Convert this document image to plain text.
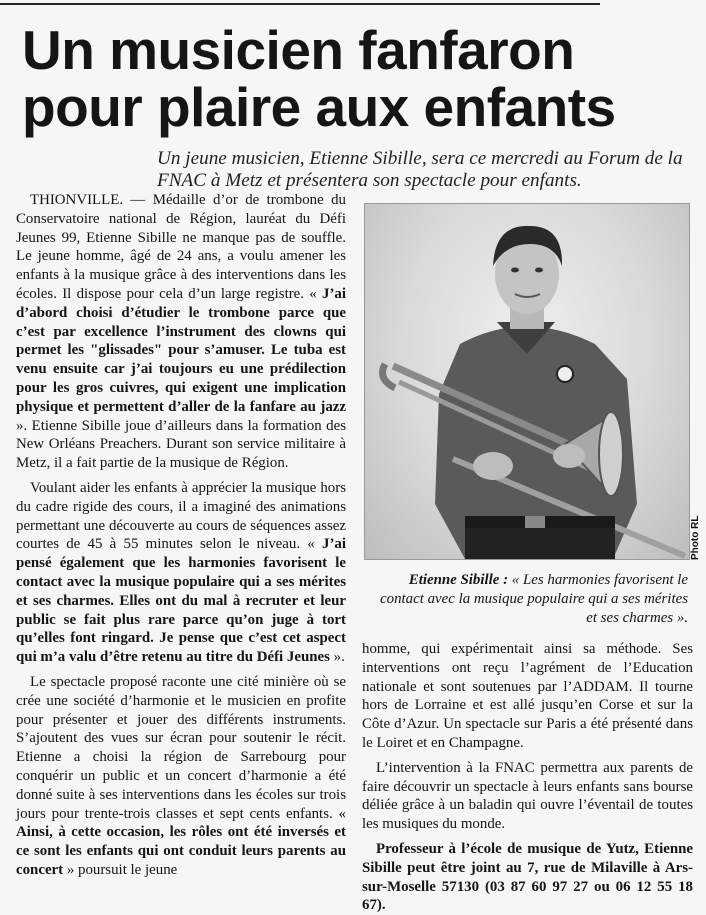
Un musicien fanfaron
pour plaire aux enfants
Un jeune musicien, Etienne Sibille, sera ce mercredi au Forum de la FNAC à Metz et présentera son spectacle pour enfants.

THIONVILLE. — Médaille d’or de trombone du Conservatoire national de Région, lauréat du Défi Jeunes 99, Etienne Sibille ne manque pas de souffle. Le jeune homme, âgé de 24 ans, a voulu amener les enfants à la musique grâce à des interventions dans les écoles. Il dispose pour cela d’un large registre. « J’ai d’abord choisi d’étudier le trombone parce que c’est par excellence l’instrument des clowns qui permet les "glissades" pour s’amuser. Le tuba est venu ensuite car j’ai toujours eu une prédilection pour les gros cuivres, qui exigent une implication physique et permettent d’aller de la fanfare au jazz ». Etienne Sibille joue d’ailleurs dans la formation des New Orléans Preachers. Durant son service militaire à Metz, il a fait partie de la musique de Région.

Voulant aider les enfants à apprécier la musique hors du cadre rigide des cours, il a imaginé des animations permettant une découverte au cours de séquences assez courtes de 45 à 55 minutes selon le niveau. « J’ai pensé également que les harmonies favorisent le contact avec la musique populaire qui a ses mérites et ses charmes. Elles ont du mal à recruter et leur public se fait plus rare parce qu’on juge à tort qu’elles font ringard. Je pense que c’est cet aspect qui m’a valu d’être retenu au titre du Défi Jeunes ».

Le spectacle proposé raconte une cité minière où se crée une société d’harmonie et le musicien en profite pour présenter et jouer des différents instruments. S’ajoutent des vues sur écran pour soutenir le récit. Etienne a choisi la région de Sarrebourg pour conquérir un public et un concert d’harmonie a été donné suite à ses interventions dans les écoles sur trois jours pour trente-trois classes et sept cents enfants. « Ainsi, à cette occasion, les rôles ont été inversés et ce sont les enfants qui ont conduit leurs parents au concert » poursuit le jeune

Photo RL
Etienne Sibille : « Les harmonies favorisent le contact avec la musique populaire qui a ses mérites et ses charmes ».

homme, qui expérimentait ainsi sa méthode. Ses interventions ont reçu l’agrément de l’Education nationale et sont soutenues par l’ADDAM. Il tourne hors de Lorraine et est allé jusqu’en Corse et sur la Côte d’Azur. Un spectacle sur Paris a été présenté dans le Loiret et en Champagne.

L’intervention à la FNAC permettra aux parents de faire découvrir un spectacle à leurs enfants sans bourse déliée grâce à un baladin qui ouvre l’éventail de toutes les musiques du monde.

Professeur à l’école de musique de Yutz, Etienne Sibille peut être joint au 7, rue de Milaville à Ars-sur-Moselle 57130 (03 87 60 97 27 ou 06 12 55 18 67).
